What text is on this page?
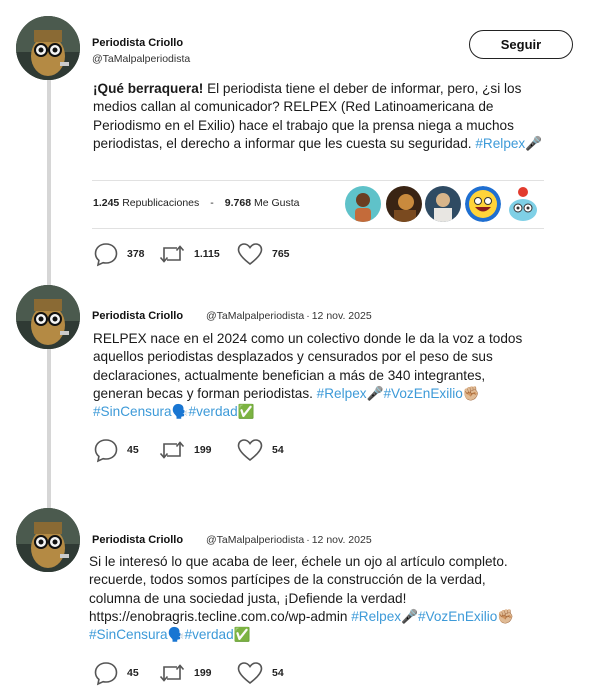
Periodista Criollo
@TaMalpalperiodista
Seguir
¡Qué berraquera! El periodista tiene el deber de informar, pero, ¿si los
medios callan al comunicador? RELPEX (Red Latinoamericana de
Periodismo en el Exilio) hace el trabajo que la prensa niega a muchos
periodistas, el derecho a informar que les cuesta su seguridad. #Relpex🎤
1.245 Republicaciones - 9.768 Me Gusta
378	1.115	765
Periodista Criollo @TaMalpalperiodista · 12 nov. 2025
RELPEX nace en el 2024 como un colectivo donde le da la voz a todos
aquellos periodistas desplazados y censurados por el peso de sus
declaraciones, actualmente benefician a más de 340 integrantes,
generan becas y forman periodistas. #Relpex🎤#VozEnExilio✊🏼
#SinCensura🗣️#verdad✅
45	199	54
Periodista Criollo @TaMalpalperiodista · 12 nov. 2025
Si le interesó lo que acaba de leer, échele un ojo al artículo completo.
recuerde, todos somos partícipes de la construcción de la verdad,
columna de una sociedad justa, ¡Defiende la verdad!
https://enobragris.tecline.com.co/wp-admin #Relpex🎤#VozEnExilio✊🏼
#SinCensura🗣️#verdad✅
45	199	54
